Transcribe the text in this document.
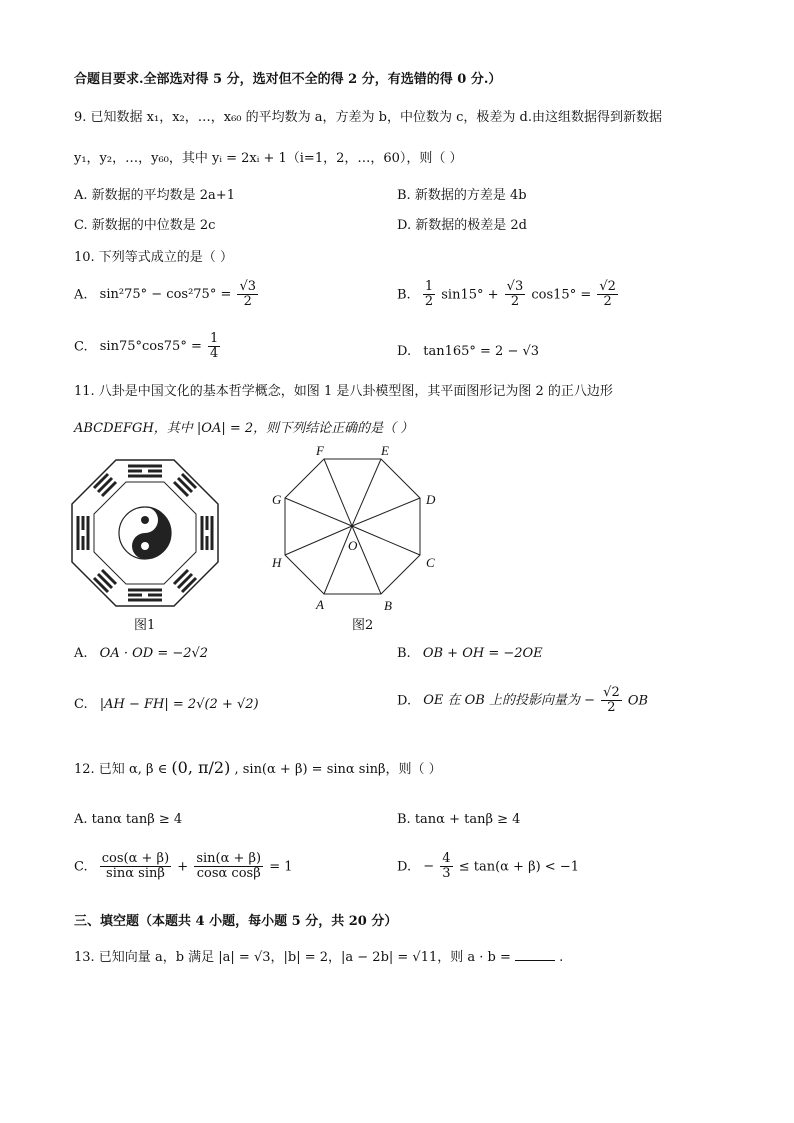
合题目要求.全部选对得 5 分，选对但不全的得 2 分，有选错的得 0 分.）
9. 已知数据 x₁，x₂，…，x₆₀ 的平均数为 a，方差为 b，中位数为 c，极差为 d.由这组数据得到新数据
y₁，y₂，…，y₆₀，其中 yᵢ = 2xᵢ + 1（i=1，2，…，60），则（ ）
A. 新数据的平均数是 2a+1	B. 新数据的方差是 4b
C. 新数据的中位数是 2c	D. 新数据的极差是 2d
10. 下列等式成立的是（ ）
A. $\sin^275^\circ - \cos^275^\circ = \frac{√3}{2}$	B. $\frac{1}{2} \sin 15^\circ + \frac{√3}{2} \cos 15^\circ = \frac{√2}{2}$
C. $\sin 75^\circ\cos 75^\circ = \frac{1}{4}$	D. tan165° = 2 − √3
11. 八卦是中国文化的基本哲学概念，如图 1 是八卦模型图，其平面图形记为图 2 的正八边形
ABCDEFGH，其中 |OA| = 2，则下列结论正确的是（ ）
图1
A	B
C
D
E
F
G
H
O
图2
A. OA · OD = −2√2	B. OB + OH = −2OE
C. |AH − FH| = 2√(2 + √2)	D. OE 在 OB 上的投影向量为 − $\frac{√2}{2}$ OB
12. 已知 α, β ∈ (0, π/2) , sin(α + β) = sinα sinβ，则（ ）
A. tanα tanβ ≥ 4	B. tanα + tanβ ≥ 4
C. $\frac{\cos(\alpha + \beta)}{\text{sinα sinβ}} + \frac{\sin(\alpha + \beta)}{\text{cosα cosβ}} = 1$	D. − $\frac{4}{3} \le \tan(\alpha + \beta) < -1$
三、填空题（本题共 4 小题，每小题 5 分，共 20 分）
13. 已知向量 a，b 满足 |a| = √3，|b| = 2，|a − 2b| = √11，则 a · b =	.
